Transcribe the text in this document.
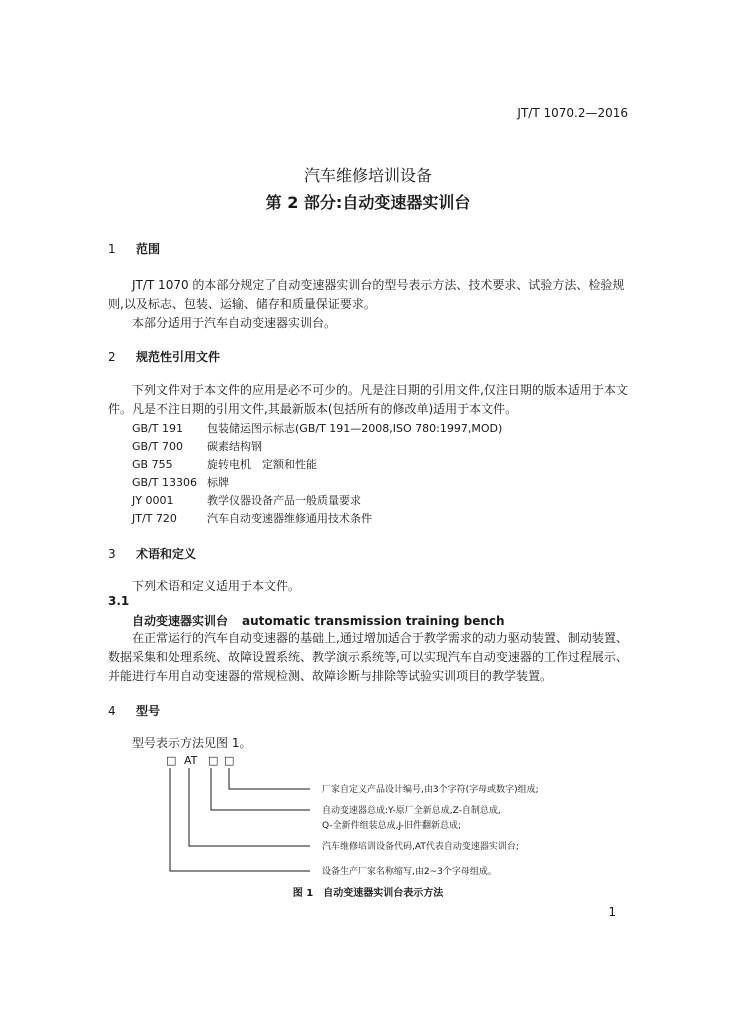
JT/T 1070.2—2016
汽车维修培训设备
第 2 部分:自动变速器实训台
1 范围
JT/T 1070 的本部分规定了自动变速器实训台的型号表示方法、技术要求、试验方法、检验规则,以及标志、包装、运输、储存和质量保证要求。
本部分适用于汽车自动变速器实训台。
2 规范性引用文件
下列文件对于本文件的应用是必不可少的。凡是注日期的引用文件,仅注日期的版本适用于本文件。凡是不注日期的引用文件,其最新版本(包括所有的修改单)适用于本文件。
GB/T 191 包装储运图示标志(GB/T 191—2008,ISO 780:1997,MOD)
GB/T 700 碳素结构钢
GB 755	旋转电机　定额和性能
GB/T 13306 标牌
JY 0001	教学仪器设备产品一般质量要求
JT/T 720	汽车自动变速器维修通用技术条件
3 术语和定义
下列术语和定义适用于本文件。
3.1
自动变速器实训台 automatic transmission training bench
在正常运行的汽车自动变速器的基础上,通过增加适合于教学需求的动力驱动装置、制动装置、数据采集和处理系统、故障设置系统、教学演示系统等,可以实现汽车自动变速器的工作过程展示、并能进行车用自动变速器的常规检测、故障诊断与排除等试验实训项目的教学装置。
4 型号
型号表示方法见图 1。
□ AT □ □
厂家自定义产品设计编号,由3个字符(字母或数字)组成;
自动变速器总成:Y-原厂全新总成,Z-自制总成,
Q-全新件组装总成,J-旧件翻新总成;
汽车维修培训设备代码,AT代表自动变速器实训台;
设备生产厂家名称缩写,由2~3个字母组成。
图 1　自动变速器实训台表示方法
1
